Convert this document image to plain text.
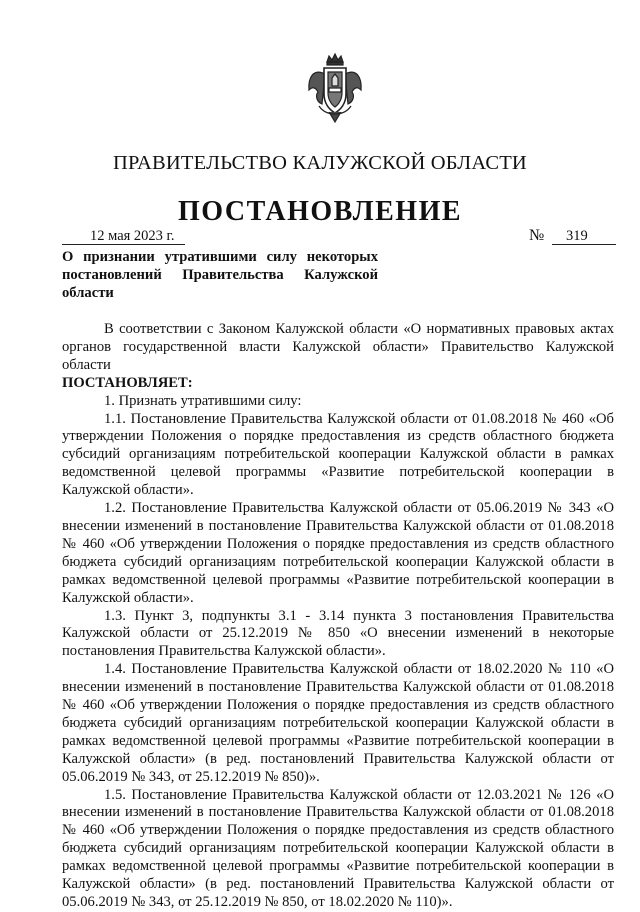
ПРАВИТЕЛЬСТВО КАЛУЖСКОЙ ОБЛАСТИ
ПОСТАНОВЛЕНИЕ
12 мая 2023 г.	№ 319
О признании утратившими силу некоторых
постановлений Правительства Калужской
области

В соответствии с Законом Калужской области «О нормативных правовых актах органов государственной власти Калужской области» Правительство Калужской области

ПОСТАНОВЛЯЕТ:

1. Признать утратившими силу:

1.1. Постановление Правительства Калужской области от 01.08.2018 № 460 «Об утверждении Положения о порядке предоставления из средств областного бюджета субсидий организациям потребительской кооперации Калужской области в рамках ведомственной целевой программы «Развитие потребительской кооперации в Калужской области».

1.2. Постановление Правительства Калужской области от 05.06.2019 № 343 «О внесении изменений в постановление Правительства Калужской области от 01.08.2018 № 460 «Об утверждении Положения о порядке предоставления из средств областного бюджета субсидий организациям потребительской кооперации Калужской области в рамках ведомственной целевой программы «Развитие потребительской кооперации в Калужской области».

1.3. Пункт 3, подпункты 3.1 - 3.14 пункта 3 постановления Правительства Калужской области от 25.12.2019 № 850 «О внесении изменений в некоторые постановления Правительства Калужской области».

1.4. Постановление Правительства Калужской области от 18.02.2020 № 110 «О внесении изменений в постановление Правительства Калужской области от 01.08.2018 № 460 «Об утверждении Положения о порядке предоставления из средств областного бюджета субсидий организациям потребительской кооперации Калужской области в рамках ведомственной целевой программы «Развитие потребительской кооперации в Калужской области» (в ред. постановлений Правительства Калужской области от 05.06.2019 № 343, от 25.12.2019 № 850)».

1.5. Постановление Правительства Калужской области от 12.03.2021 № 126 «О внесении изменений в постановление Правительства Калужской области от 01.08.2018 № 460 «Об утверждении Положения о порядке предоставления из средств областного бюджета субсидий организациям потребительской кооперации Калужской области в рамках ведомственной целевой программы «Развитие потребительской кооперации в Калужской области» (в ред. постановлений Правительства Калужской области от 05.06.2019 № 343, от 25.12.2019 № 850, от 18.02.2020 № 110)».
